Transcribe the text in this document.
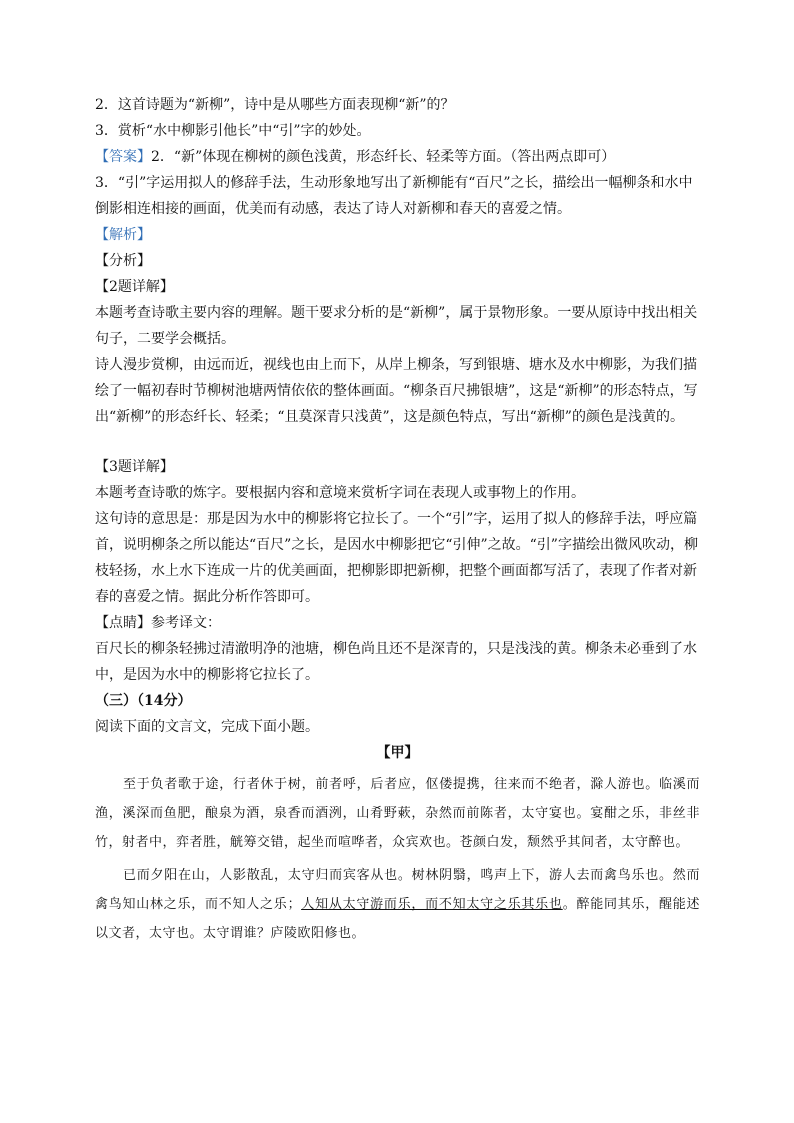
2．这首诗题为“新柳”，诗中是从哪些方面表现柳“新”的？

3．赏析“水中柳影引他长”中“引”字的妙处。

【答案】2．“新”体现在柳树的颜色浅黄，形态纤长、轻柔等方面。（答出两点即可）

3．“引”字运用拟人的修辞手法，生动形象地写出了新柳能有“百尺”之长，描绘出一幅柳条和水中倒影相连相接的画面，优美而有动感，表达了诗人对新柳和春天的喜爱之情。

【解析】

【分析】

【2题详解】

本题考查诗歌主要内容的理解。题干要求分析的是“新柳”，属于景物形象。一要从原诗中找出相关句子，二要学会概括。

诗人漫步赏柳，由远而近，视线也由上而下，从岸上柳条，写到银塘、塘水及水中柳影，为我们描绘了一幅初春时节柳树池塘两情依依的整体画面。“柳条百尺拂银塘”，这是“新柳”的形态特点，写出“新柳”的形态纤长、轻柔；“且莫深青只浅黄”，这是颜色特点，写出“新柳”的颜色是浅黄的。

【3题详解】

本题考查诗歌的炼字。要根据内容和意境来赏析字词在表现人或事物上的作用。

这句诗的意思是：那是因为水中的柳影将它拉长了。一个“引”字，运用了拟人的修辞手法，呼应篇首，说明柳条之所以能达“百尺”之长，是因水中柳影把它“引伸”之故。“引”字描绘出微风吹动，柳枝轻扬，水上水下连成一片的优美画面，把柳影即把新柳，把整个画面都写活了，表现了作者对新春的喜爱之情。据此分析作答即可。

【点睛】参考译文：

百尺长的柳条轻拂过清澈明净的池塘，柳色尚且还不是深青的，只是浅浅的黄。柳条未必垂到了水中，是因为水中的柳影将它拉长了。

（三）（14分）

阅读下面的文言文，完成下面小题。

【甲】

至于负者歌于途，行者休于树，前者呼，后者应，伛偻提携，往来而不绝者，滁人游也。临溪而渔，溪深而鱼肥，酿泉为酒，泉香而酒洌，山肴野蔌，杂然而前陈者，太守宴也。宴酣之乐，非丝非竹，射者中，弈者胜，觥筹交错，起坐而喧哗者，众宾欢也。苍颜白发，颓然乎其间者，太守醉也。

已而夕阳在山，人影散乱，太守归而宾客从也。树林阴翳，鸣声上下，游人去而禽鸟乐也。然而禽鸟知山林之乐，而不知人之乐；人知从太守游而乐，而不知太守之乐其乐也。醉能同其乐，醒能述以文者，太守也。太守谓谁？庐陵欧阳修也。
